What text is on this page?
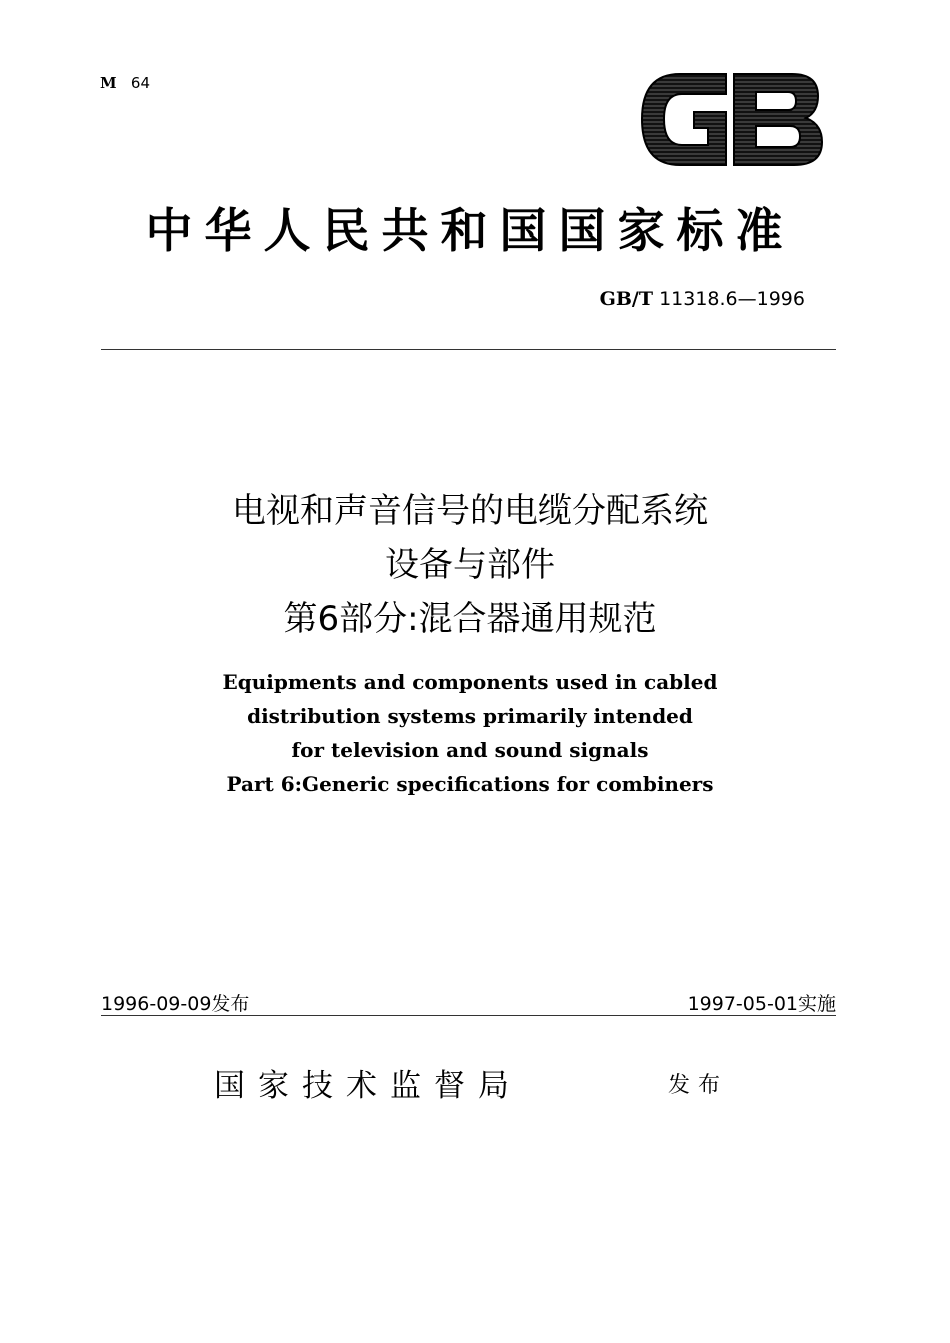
M 64
中华人民共和国国家标准
GB/T 11318.6—1996
电视和声音信号的电缆分配系统
设备与部件
第6部分:混合器通用规范
Equipments and components used in cabled
distribution systems primarily intended
for television and sound signals
Part 6:Generic specifications for combiners
1996-09-09发布	1997-05-01实施
国家技术监督局	发布
